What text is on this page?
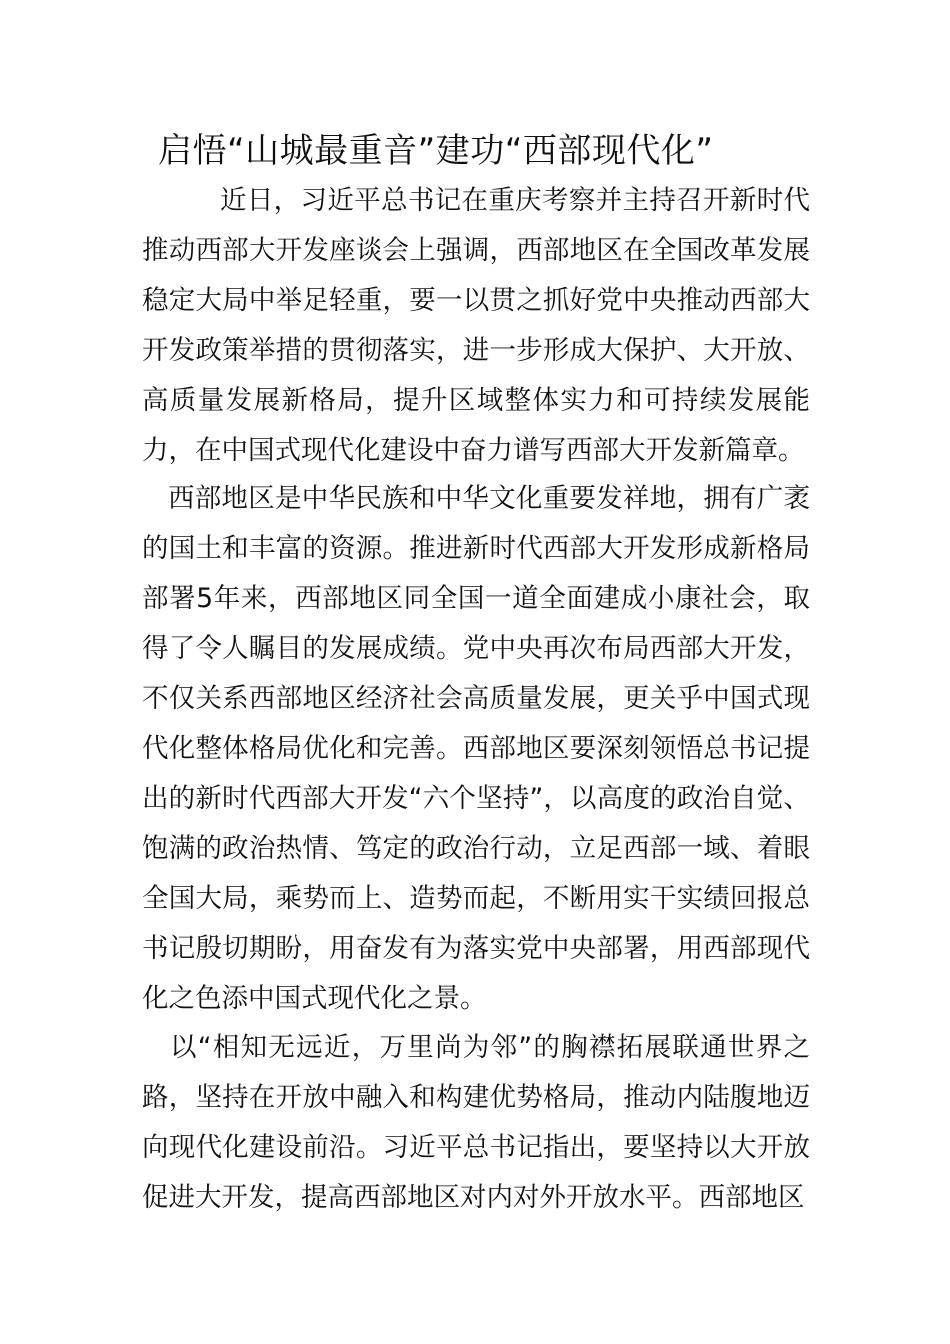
启悟“山城最重音”建功“西部现代化”

近日，习近平总书记在重庆考察并主持召开新时代推动西部大开发座谈会上强调，西部地区在全国改革发展稳定大局中举足轻重，要一以贯之抓好党中央推动西部大开发政策举措的贯彻落实，进一步形成大保护、大开放、高质量发展新格局，提升区域整体实力和可持续发展能力，在中国式现代化建设中奋力谱写西部大开发新篇章。

西部地区是中华民族和中华文化重要发祥地，拥有广袤的国土和丰富的资源。推进新时代西部大开发形成新格局部署5年来，西部地区同全国一道全面建成小康社会，取得了令人瞩目的发展成绩。党中央再次布局西部大开发，不仅关系西部地区经济社会高质量发展，更关乎中国式现代化整体格局优化和完善。西部地区要深刻领悟总书记提出的新时代西部大开发“六个坚持”，以高度的政治自觉、饱满的政治热情、笃定的政治行动，立足西部一域、着眼全国大局，乘势而上、造势而起，不断用实干实绩回报总书记殷切期盼，用奋发有为落实党中央部署，用西部现代化之色添中国式现代化之景。

以“相知无远近，万里尚为邻”的胸襟拓展联通世界之路，坚持在开放中融入和构建优势格局，推动内陆腹地迈向现代化建设前沿。习近平总书记指出，要坚持以大开放促进大开发，提高西部地区对内对外开放水平。西部地区
